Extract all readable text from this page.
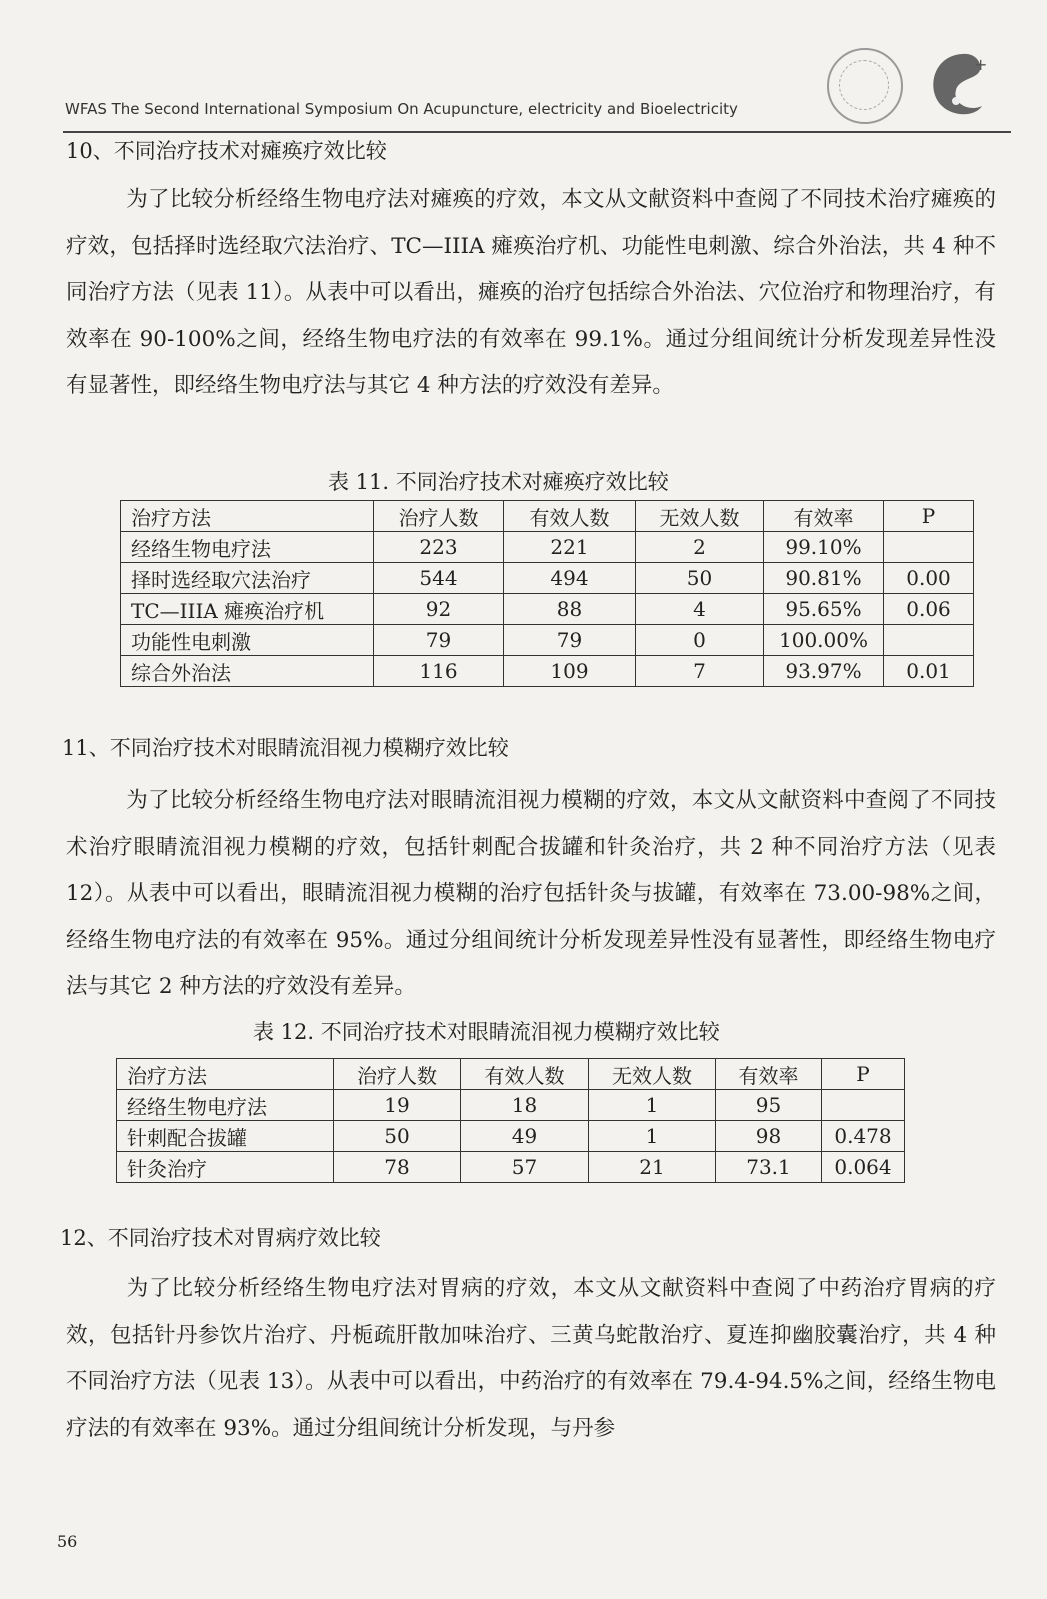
+
WFAS The Second International Symposium On Acupuncture, electricity and Bioelectricity
10、不同治疗技术对瘫痪疗效比较
为了比较分析经络生物电疗法对瘫痪的疗效，本文从文献资料中查阅了不同技术治疗瘫痪的疗效，包括择时选经取穴法治疗、TC—IIIA 瘫痪治疗机、功能性电刺激、综合外治法，共 4 种不同治疗方法（见表 11）。从表中可以看出，瘫痪的治疗包括综合外治法、穴位治疗和物理治疗，有效率在 90-100%之间，经络生物电疗法的有效率在 99.1%。通过分组间统计分析发现差异性没有显著性，即经络生物电疗法与其它 4 种方法的疗效没有差异。
表 11. 不同治疗技术对瘫痪疗效比较
治疗方法	治疗人数	有效人数	无效人数	有效率	P
经络生物电疗法	223	221	2	99.10%	
择时选经取穴法治疗	544	494	50	90.81%	0.00
TC—IIIA 瘫痪治疗机	92	88	4	95.65%	0.06
功能性电刺激	79	79	0	100.00%	
综合外治法	116	109	7	93.97%	0.01
11、不同治疗技术对眼睛流泪视力模糊疗效比较
为了比较分析经络生物电疗法对眼睛流泪视力模糊的疗效，本文从文献资料中查阅了不同技术治疗眼睛流泪视力模糊的疗效，包括针刺配合拔罐和针灸治疗，共 2 种不同治疗方法（见表 12）。从表中可以看出，眼睛流泪视力模糊的治疗包括针灸与拔罐，有效率在 73.00-98%之间，经络生物电疗法的有效率在 95%。通过分组间统计分析发现差异性没有显著性，即经络生物电疗法与其它 2 种方法的疗效没有差异。
表 12. 不同治疗技术对眼睛流泪视力模糊疗效比较
治疗方法	治疗人数	有效人数	无效人数	有效率	P
经络生物电疗法	19	18	1	95	
针刺配合拔罐	50	49	1	98	0.478
针灸治疗	78	57	21	73.1	0.064
12、不同治疗技术对胃病疗效比较
为了比较分析经络生物电疗法对胃病的疗效，本文从文献资料中查阅了中药治疗胃病的疗效，包括针丹参饮片治疗、丹栀疏肝散加味治疗、三黄乌蛇散治疗、夏连抑幽胶囊治疗，共 4 种不同治疗方法（见表 13）。从表中可以看出，中药治疗的有效率在 79.4-94.5%之间，经络生物电疗法的有效率在 93%。通过分组间统计分析发现，与丹参
56
